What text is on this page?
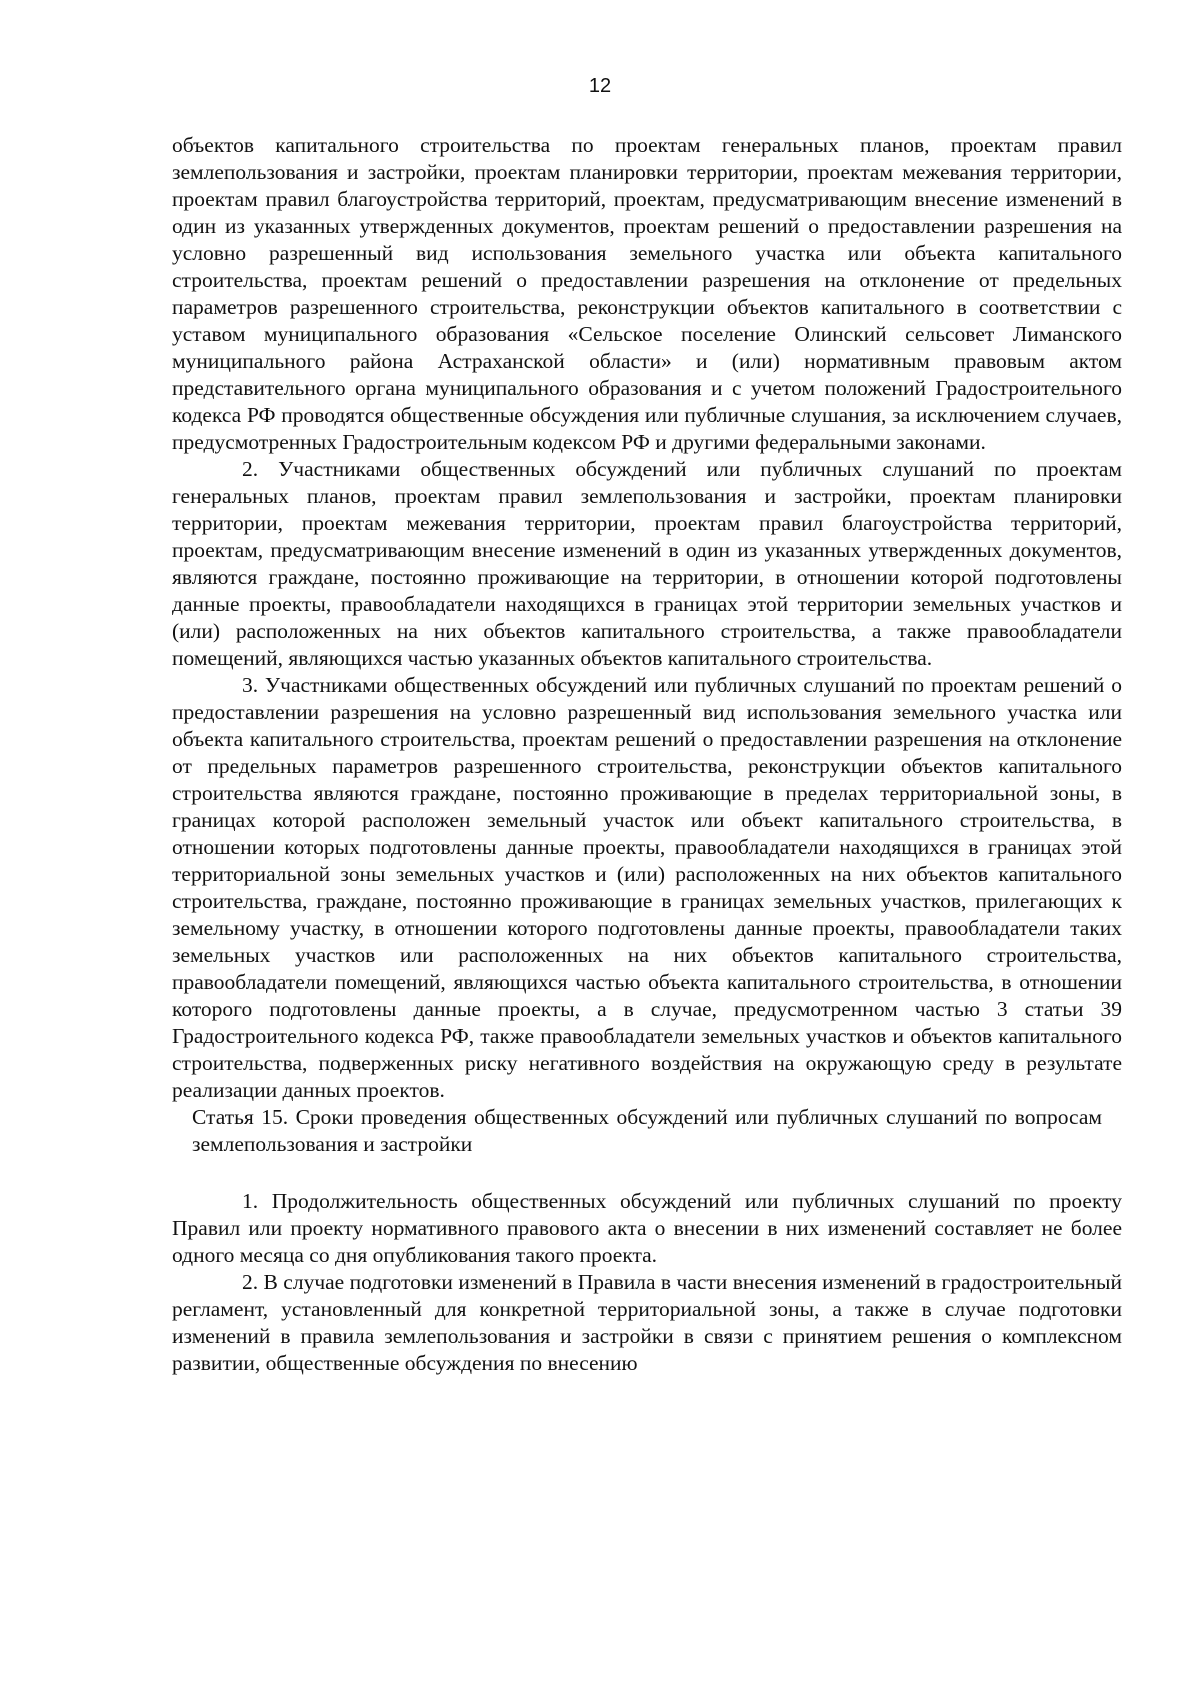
12

объектов капитального строительства по проектам генеральных планов, проектам правил землепользования и застройки, проектам планировки территории, проектам межевания территории, проектам правил благоустройства территорий, проектам, предусматривающим внесение изменений в один из указанных утвержденных документов, проектам решений о предоставлении разрешения на условно разрешенный вид использования земельного участка или объекта капитального строительства, проектам решений о предоставлении разрешения на отклонение от предельных параметров разрешенного строительства, реконструкции объектов капитального в соответствии с уставом муниципального образования «Сельское поселение Олинский сельсовет Лиманского муниципального района Астраханской области» и (или) нормативным правовым актом представительного органа муниципального образования и с учетом положений Градостроительного кодекса РФ проводятся общественные обсуждения или публичные слушания, за исключением случаев, предусмотренных Градостроительным кодексом РФ и другими федеральными законами.

2. Участниками общественных обсуждений или публичных слушаний по проектам генеральных планов, проектам правил землепользования и застройки, проектам планировки территории, проектам межевания территории, проектам правил благоустройства территорий, проектам, предусматривающим внесение изменений в один из указанных утвержденных документов, являются граждане, постоянно проживающие на территории, в отношении которой подготовлены данные проекты, правообладатели находящихся в границах этой территории земельных участков и (или) расположенных на них объектов капитального строительства, а также правообладатели помещений, являющихся частью указанных объектов капитального строительства.

3. Участниками общественных обсуждений или публичных слушаний по проектам решений о предоставлении разрешения на условно разрешенный вид использования земельного участка или объекта капитального строительства, проектам решений о предоставлении разрешения на отклонение от предельных параметров разрешенного строительства, реконструкции объектов капитального строительства являются граждане, постоянно проживающие в пределах территориальной зоны, в границах которой расположен земельный участок или объект капитального строительства, в отношении которых подготовлены данные проекты, правообладатели находящихся в границах этой территориальной зоны земельных участков и (или) расположенных на них объектов капитального строительства, граждане, постоянно проживающие в границах земельных участков, прилегающих к земельному участку, в отношении которого подготовлены данные проекты, правообладатели таких земельных участков или расположенных на них объектов капитального строительства, правообладатели помещений, являющихся частью объекта капитального строительства, в отношении которого подготовлены данные проекты, а в случае, предусмотренном частью 3 статьи 39 Градостроительного кодекса РФ, также правообладатели земельных участков и объектов капитального строительства, подверженных риску негативного воздействия на окружающую среду в результате реализации данных проектов.

Статья 15. Сроки проведения общественных обсуждений или публичных слушаний по вопросам землепользования и застройки

1. Продолжительность общественных обсуждений или публичных слушаний по проекту Правил или проекту нормативного правового акта о внесении в них изменений составляет не более одного месяца со дня опубликования такого проекта.

2. В случае подготовки изменений в Правила в части внесения изменений в градостроительный регламент, установленный для конкретной территориальной зоны, а также в случае подготовки изменений в правила землепользования и застройки в связи с принятием решения о комплексном развитии, общественные обсуждения по внесению
